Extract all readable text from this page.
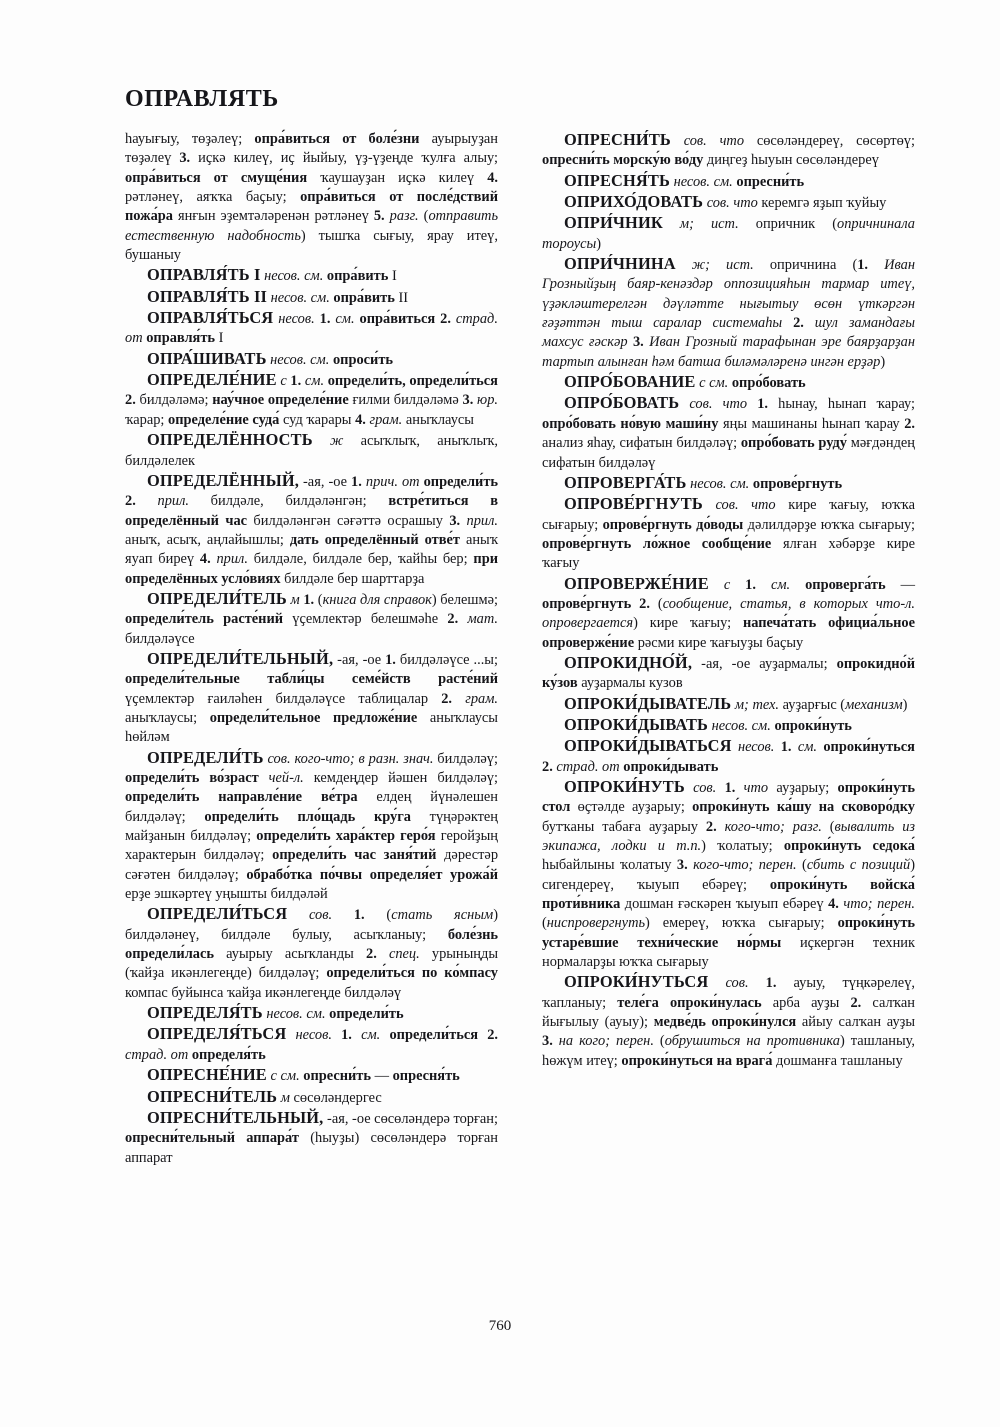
ОПРАВЛЯТЬ

һауығыу, төҙәлеү; опра́виться от боле́зни ауырыуҙан төҙәлеү 3. иҫкә килеү, иҫ йыйыу, үҙ-үҙеңде ҡулға алыу; опра́виться от смуще́ния ҡаушауҙан иҫкә килеү 4. рәтләнеү, аяҡҡа баҫыу; опра́виться от после́дствий пожа́ра янғын эҙемтәләренән рәтләнеү 5. разг. (отправить естественную надобность) тышҡа сығыу, ярау итеү, бушаныу

ОПРАВЛЯ́ТЬ I несов. см. опра́вить I

ОПРАВЛЯ́ТЬ II несов. см. опра́вить II

ОПРАВЛЯ́ТЬСЯ несов. 1. см. опра́виться 2. страд. от оправля́ть I

ОПРА́ШИВАТЬ несов. см. опроси́ть

ОПРЕДЕЛЕ́НИЕ с 1. см. определи́ть, определи́ться 2. билдәләмә; нау́чное определе́ние ғилми билдәләмә 3. юр. ҡарар; определе́ние суда́ суд ҡарары 4. грам. аныҡлаусы

ОПРЕДЕЛЁННОСТЬ ж асыҡлыҡ, аныҡлыҡ, билдәлелек

ОПРЕДЕЛЁННЫЙ, -ая, -ое 1. прич. от определи́ть 2. прил. билдәле, билдәләнгән; встре́титься в определённый час билдәләнгән сәғәттә осрашыу 3. прил. аныҡ, асыҡ, аңлайышлы; дать определённый отве́т аныҡ яуап биреү 4. прил. билдәле, билдәле бер, ҡайһы бер; при определённых усло́виях билдәле бер шарттарҙа

ОПРЕДЕЛИ́ТЕЛЬ м 1. (книга для справок) белешмә; определи́тель расте́ний үҫемлектәр белешмәһе 2. мат. билдәләүсе

ОПРЕДЕЛИ́ТЕЛЬНЫЙ, -ая, -ое 1. билдәләүсе ...ы; определи́тельные табли́цы семе́йств расте́ний үҫемлектәр ғаиләһен билдәләүсе таблицалар 2. грам. аныҡлаусы; определи́тельное предложе́ние аныҡлаусы һөйләм

ОПРЕДЕЛИ́ТЬ сов. кого-что; в разн. знач. билдәләү; определи́ть во́зраст чей-л. кемдеңдер йәшен билдәләү; определи́ть направле́ние ве́тра елдең йүнәлешен билдәләү; определи́ть пло́щадь кру́га түңәрәктең майҙанын билдәләү; определи́ть хара́ктер геро́я геройҙың характерын билдәләү; определи́ть час заня́тий дәрестәр сәғәтен билдәләү; обрабо́тка по́чвы определя́ет урожа́й ерҙе эшкәртеү уңышты билдәләй

ОПРЕДЕЛИ́ТЬСЯ сов. 1. (стать ясным) билдәләнеү, билдәле булыу, асыҡланыу; боле́знь определи́лась ауырыу асыҡланды 2. спец. урыныңды (ҡайҙа икәнлегеңде) билдәләү; определи́ться по ко́мпасу компас буйынса ҡайҙа икәнлегеңде билдәләү

ОПРЕДЕЛЯ́ТЬ несов. см. определи́ть

ОПРЕДЕЛЯ́ТЬСЯ несов. 1. см. определи́ться 2. страд. от определя́ть

ОПРЕСНЕ́НИЕ с см. опресни́ть — опресня́ть

ОПРЕСНИ́ТЕЛЬ м сөсөләндергес

ОПРЕСНИ́ТЕЛЬНЫЙ, -ая, -ое сөсөләндерә торған; опресни́тельный аппара́т (һыуҙы) сөсөләндерә торған аппарат

ОПРЕСНИ́ТЬ сов. что сөсөләндереү, сөсөртөү; опресни́ть морску́ю во́ду диңгеҙ һыуын сөсөләндереү

ОПРЕСНЯ́ТЬ несов. см. опресни́ть

ОПРИХО́ДОВАТЬ сов. что керемгә яҙып ҡуйыу

ОПРИ́ЧНИК м; ист. опричник (опричнинала тороусы)

ОПРИ́ЧНИНА ж; ист. опричнина (1. Иван Грозныйҙың баяр-кенәздәр оппозицияһын тармар итеү, үҙәкләштерелгән дәүләтте нығытыу өсөн үткәргән ғәҙәттән тыш саралар системаһы 2. шул замандағы махсус ғәскәр 3. Иван Грозный тарафынан эре баярҙарҙан тартып алынған һәм батша биләмәләренә ингән ерҙәр)

ОПРО́БОВАНИЕ с см. опро́бовать

ОПРО́БОВАТЬ сов. что 1. һынау, һынап ҡарау; опро́бовать но́вую маши́ну яңы машинаны һынап ҡарау 2. анализ яһау, сифатын билдәләү; опро́бовать руду́ мәғдәндең сифатын билдәләү

ОПРОВЕРГА́ТЬ несов. см. опрове́ргнуть

ОПРОВЕ́РГНУТЬ сов. что кире ҡағыу, юҡҡа сығарыу; опрове́ргнуть до́воды дәлилдәрҙе юҡҡа сығарыу; опрове́ргнуть ло́жное сообще́ние ялған хәбәрҙе кире ҡағыу

ОПРОВЕРЖЕ́НИЕ с 1. см. опроверга́ть — опрове́ргнуть 2. (сообщение, статья, в которых что-л. опровергается) кире ҡағыу; напеча́тать официа́льное опроверже́ние рәсми кире ҡағыуҙы баҫыу

ОПРОКИДНО́Й, -ая, -ое ауҙармалы; опрокидно́й ку́зов ауҙармалы кузов

ОПРОКИ́ДЫВАТЕЛЬ м; тех. ауҙарғыс (механизм)

ОПРОКИ́ДЫВАТЬ несов. см. опроки́нуть

ОПРОКИ́ДЫВАТЬСЯ несов. 1. см. опроки́нуться 2. страд. от опроки́дывать

ОПРОКИ́НУТЬ сов. 1. что ауҙарыу; опроки́нуть стол өҫтәлде ауҙарыу; опроки́нуть ка́шу на сковоро́дку бутҡаны табаға ауҙарыу 2. кого-что; разг. (вывалить из экипажа, лодки и т.п.) ҡолатыу; опроки́нуть седока́ һыбайлыны ҡолатыу 3. кого-что; перен. (сбить с позиций) сигендереү, ҡыуып ебәреү; опроки́нуть войска́ проти́вника дошман ғәскәрен ҡыуып ебәреү 4. что; перен. (ниспровергнуть) емереү, юҡҡа сығарыу; опроки́нуть устаре́вшие техни́ческие но́рмы иҫкергән техник нормаларҙы юҡҡа сығарыу

ОПРОКИ́НУТЬСЯ сов. 1. ауыу, түңкәрелеү, ҡапланыу; теле́га опроки́нулась арба ауҙы 2. салҡан йығылыу (ауыу); медве́дь опроки́нулся айыу салҡан ауҙы 3. на кого; перен. (обрушиться на противника) ташланыу, һөжүм итеү; опроки́нуться на врага́ дошманға ташланыу

760
